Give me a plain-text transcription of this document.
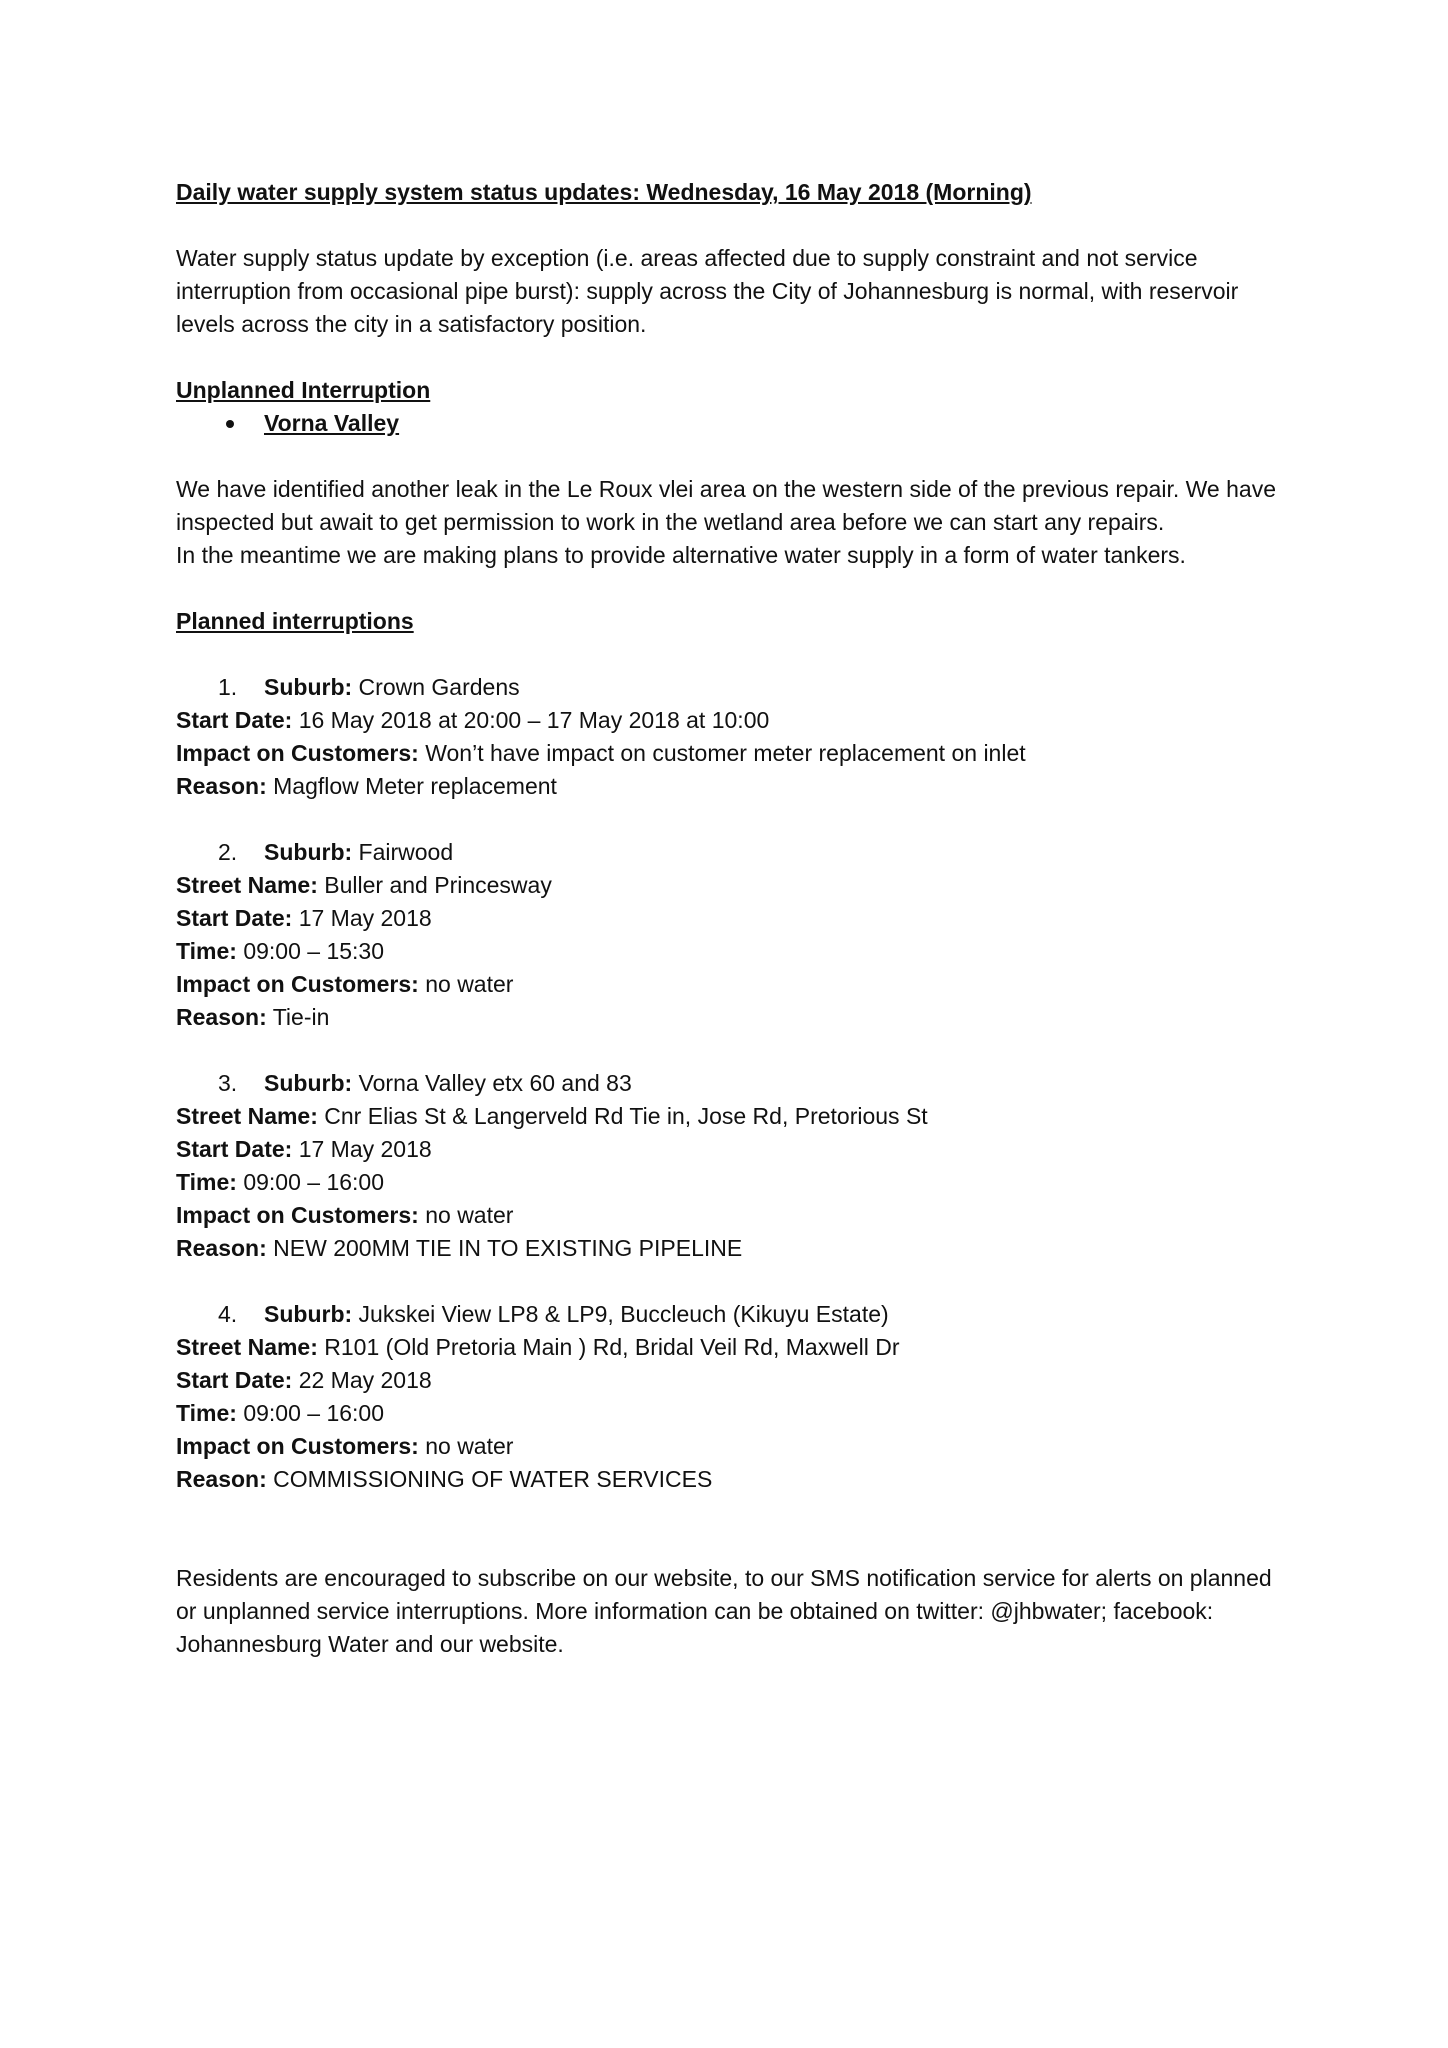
Daily water supply system status updates: Wednesday, 16 May 2018 (Morning)

Water supply status update by exception (i.e. areas affected due to supply constraint and not service interruption from occasional pipe burst): supply across the City of Johannesburg is normal, with reservoir levels across the city in a satisfactory position.

Unplanned Interruption

Vorna Valley

We have identified another leak in the Le Roux vlei area on the western side of the previous repair. We have inspected but await to get permission to work in the wetland area before we can start any repairs.

In the meantime we are making plans to provide alternative water supply in a form of water tankers.

Planned interruptions

1. Suburb: Crown Gardens

Start Date: 16 May 2018 at 20:00 – 17 May 2018 at 10:00

Impact on Customers: Won’t have impact on customer meter replacement on inlet

Reason: Magflow Meter replacement

2. Suburb: Fairwood

Street Name: Buller and Princesway

Start Date: 17 May 2018

Time: 09:00 – 15:30

Impact on Customers: no water

Reason: Tie-in

3. Suburb: Vorna Valley etx 60 and 83

Street Name: Cnr Elias St & Langerveld Rd Tie in, Jose Rd, Pretorious St

Start Date: 17 May 2018

Time: 09:00 – 16:00

Impact on Customers: no water

Reason: NEW 200MM TIE IN TO EXISTING PIPELINE

4. Suburb: Jukskei View LP8 & LP9, Buccleuch (Kikuyu Estate)

Street Name: R101 (Old Pretoria Main ) Rd, Bridal Veil Rd, Maxwell Dr

Start Date: 22 May 2018

Time: 09:00 – 16:00

Impact on Customers: no water

Reason: COMMISSIONING OF WATER SERVICES

Residents are encouraged to subscribe on our website, to our SMS notification service for alerts on planned or unplanned service interruptions. More information can be obtained on twitter: @jhbwater; facebook: Johannesburg Water and our website.
